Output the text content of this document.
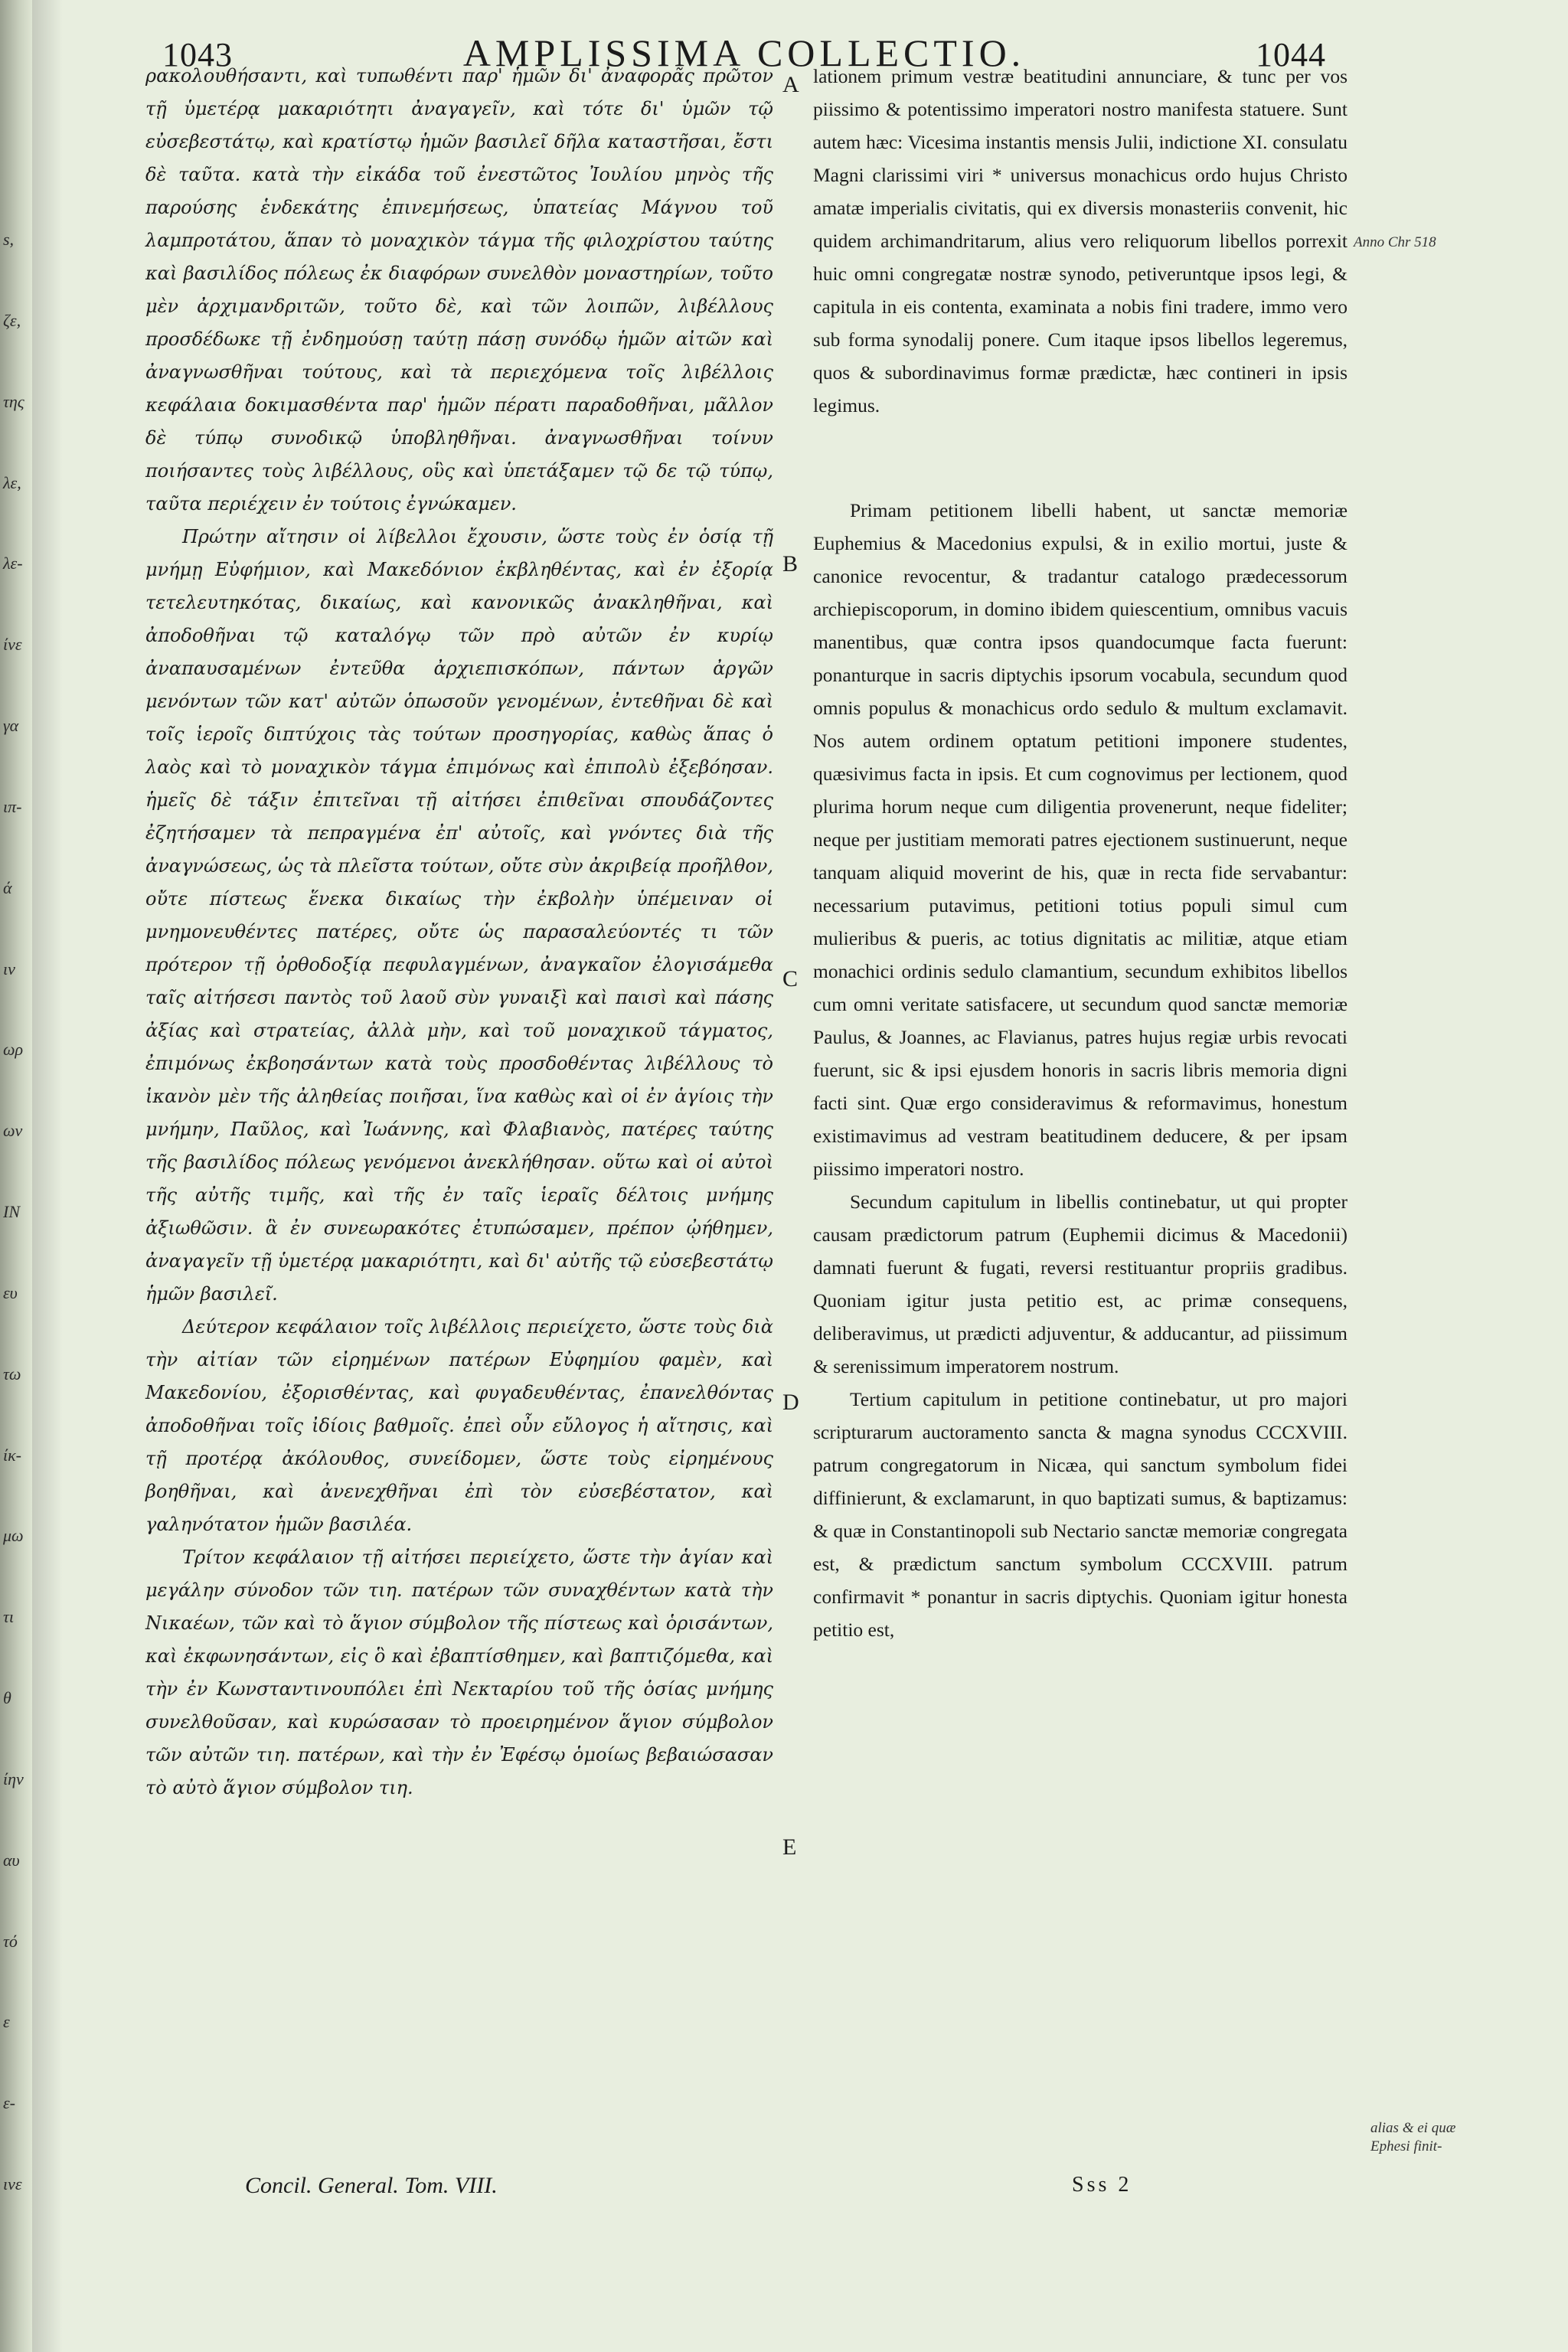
s,
ζε,
της
λε,
λε-
ίνε
γα
ιπ-
ά
ιν
ωρ
ων
IN
ευ
τω
ίκ-
μω
τι
θ
ίην
αυ
τό
ε
ε-
ινε
1043	AMPLISSIMA COLLECTIO.	1044

ρακολουθήσαντι, καὶ τυπωθέντι παρ' ἡμῶν δι' ἀναφορᾶς πρῶτον τῇ ὑμετέρᾳ μακαριότητι ἀναγαγεῖν, καὶ τότε δι' ὑμῶν τῷ εὐσεβεστάτῳ, καὶ κρατίστῳ ἡμῶν βασιλεῖ δῆλα καταστῆσαι, ἔστι δὲ ταῦτα. κατὰ τὴν εἰκάδα τοῦ ἐνεστῶτος Ἰουλίου μηνὸς τῆς παρούσης ἑνδεκάτης ἐπινεμήσεως, ὑπατείας Μάγνου τοῦ λαμπροτάτου, ἅπαν τὸ μοναχικὸν τάγμα τῆς φιλοχρίστου ταύτης καὶ βασιλίδος πόλεως ἐκ διαφόρων συνελθὸν μοναστηρίων, τοῦτο μὲν ἀρχιμανδριτῶν, τοῦτο δὲ, καὶ τῶν λοιπῶν, λιβέλλους προσδέδωκε τῇ ἐνδημούσῃ ταύτῃ πάσῃ συνόδῳ ἡμῶν αἰτῶν καὶ ἀναγνωσθῆναι τούτους, καὶ τὰ περιεχόμενα τοῖς λιβέλλοις κεφάλαια δοκιμασθέντα παρ' ἡμῶν πέρατι παραδοθῆναι, μᾶλλον δὲ τύπῳ συνοδικῷ ὑποβληθῆναι. ἀναγνωσθῆναι τοίνυν ποιήσαντες τοὺς λιβέλλους, οὓς καὶ ὑπετάξαμεν τῷ δε τῷ τύπῳ, ταῦτα περιέχειν ἐν τούτοις ἐγνώκαμεν.

Πρώτην αἴτησιν οἱ λίβελλοι ἔχουσιν, ὥστε τοὺς ἐν ὁσίᾳ τῇ μνήμῃ Εὐφήμιον, καὶ Μακεδόνιον ἐκβληθέντας, καὶ ἐν ἐξορίᾳ τετελευτηκότας, δικαίως, καὶ κανονικῶς ἀνακληθῆναι, καὶ ἀποδοθῆναι τῷ καταλόγῳ τῶν πρὸ αὐτῶν ἐν κυρίῳ ἀναπαυσαμένων ἐντεῦθα ἀρχιεπισκόπων, πάντων ἀργῶν μενόντων τῶν κατ' αὐτῶν ὁπωσοῦν γενομένων, ἐντεθῆναι δὲ καὶ τοῖς ἱεροῖς διπτύχοις τὰς τούτων προσηγορίας, καθὼς ἅπας ὁ λαὸς καὶ τὸ μοναχικὸν τάγμα ἐπιμόνως καὶ ἐπιπολὺ ἐξεβόησαν. ἡμεῖς δὲ τάξιν ἐπιτεῖναι τῇ αἰτήσει ἐπιθεῖναι σπουδάζοντες ἐζητήσαμεν τὰ πεπραγμένα ἐπ' αὐτοῖς, καὶ γνόντες διὰ τῆς ἀναγνώσεως, ὡς τὰ πλεῖστα τούτων, οὔτε σὺν ἀκριβείᾳ προῆλθον, οὔτε πίστεως ἕνεκα δικαίως τὴν ἐκβολὴν ὑπέμειναν οἱ μνημονευθέντες πατέρες, οὔτε ὡς παρασαλεύοντές τι τῶν πρότερον τῇ ὀρθοδοξίᾳ πεφυλαγμένων, ἀναγκαῖον ἐλογισάμεθα ταῖς αἰτήσεσι παντὸς τοῦ λαοῦ σὺν γυναιξὶ καὶ παισὶ καὶ πάσης ἀξίας καὶ στρατείας, ἀλλὰ μὴν, καὶ τοῦ μοναχικοῦ τάγματος, ἐπιμόνως ἐκβοησάντων κατὰ τοὺς προσδοθέντας λιβέλλους τὸ ἱκανὸν μὲν τῆς ἀληθείας ποιῆσαι, ἵνα καθὼς καὶ οἱ ἐν ἁγίοις τὴν μνήμην, Παῦλος, καὶ Ἰωάννης, καὶ Φλαβιανὸς, πατέρες ταύτης τῆς βασιλίδος πόλεως γενόμενοι ἀνεκλήθησαν. οὕτω καὶ οἱ αὐτοὶ τῆς αὐτῆς τιμῆς, καὶ τῆς ἐν ταῖς ἱεραῖς δέλτοις μνήμης ἀξιωθῶσιν. ἃ ἐν συνεωρακότες ἐτυπώσαμεν, πρέπον ᾠήθημεν, ἀναγαγεῖν τῇ ὑμετέρᾳ μακαριότητι, καὶ δι' αὐτῆς τῷ εὐσεβεστάτῳ ἡμῶν βασιλεῖ.

Δεύτερον κεφάλαιον τοῖς λιβέλλοις περιείχετο, ὥστε τοὺς διὰ τὴν αἰτίαν τῶν εἰρημένων πατέρων Εὐφημίου φαμὲν, καὶ Μακεδονίου, ἐξορισθέντας, καὶ φυγαδευθέντας, ἐπανελθόντας ἀποδοθῆναι τοῖς ἰδίοις βαθμοῖς. ἐπεὶ οὖν εὔλογος ἡ αἴτησις, καὶ τῇ προτέρᾳ ἀκόλουθος, συνείδομεν, ὥστε τοὺς εἰρημένους βοηθῆναι, καὶ ἀνενεχθῆναι ἐπὶ τὸν εὐσεβέστατον, καὶ γαληνότατον ἡμῶν βασιλέα.

Τρίτον κεφάλαιον τῇ αἰτήσει περιείχετο, ὥστε τὴν ἁγίαν καὶ μεγάλην σύνοδον τῶν τιη. πατέρων τῶν συναχθέντων κατὰ τὴν Νικαέων, τῶν καὶ τὸ ἅγιον σύμβολον τῆς πίστεως καὶ ὁρισάντων, καὶ ἐκφωνησάντων, εἰς ὃ καὶ ἐβαπτίσθημεν, καὶ βαπτιζόμεθα, καὶ τὴν ἐν Κωνσταντινουπόλει ἐπὶ Νεκταρίου τοῦ τῆς ὁσίας μνήμης συνελθοῦσαν, καὶ κυρώσασαν τὸ προειρημένον ἅγιον σύμβολον τῶν αὐτῶν τιη. πατέρων, καὶ τὴν ἐν Ἐφέσῳ ὁμοίως βεβαιώσασαν τὸ αὐτὸ ἅγιον σύμβολον τιη.

lationem primum vestræ beatitudini annunciare, & tunc per vos piissimo & potentissimo imperatori nostro manifesta statuere. Sunt autem hæc: Vicesima instantis mensis Julii, indictione XI. consulatu Magni clarissimi viri * universus monachicus ordo hujus Christo amatæ imperialis civitatis, qui ex diversis monasteriis convenit, hic quidem archimandritarum, alius vero reliquorum libellos porrexit huic omni congregatæ nostræ synodo, petiveruntque ipsos legi, & capitula in eis contenta, examinata a nobis fini tradere, immo vero sub forma synodalij ponere. Cum itaque ipsos libellos legeremus, quos & subordinavimus formæ prædictæ, hæc contineri in ipsis legimus.

Primam petitionem libelli habent, ut sanctæ memoriæ Euphemius & Macedonius expulsi, & in exilio mortui, juste & canonice revocentur, & tradantur catalogo prædecessorum archiepiscoporum, in domino ibidem quiescentium, omnibus vacuis manentibus, quæ contra ipsos quandocumque facta fuerunt: ponanturque in sacris diptychis ipsorum vocabula, secundum quod omnis populus & monachicus ordo sedulo & multum exclamavit. Nos autem ordinem optatum petitioni imponere studentes, quæsivimus facta in ipsis. Et cum cognovimus per lectionem, quod plurima horum neque cum diligentia provenerunt, neque fideliter; neque per justitiam memorati patres ejectionem sustinuerunt, neque tanquam aliquid moverint de his, quæ in recta fide servabantur: necessarium putavimus, petitioni totius populi simul cum mulieribus & pueris, ac totius dignitatis ac militiæ, atque etiam monachici ordinis sedulo clamantium, secundum exhibitos libellos cum omni veritate satisfacere, ut secundum quod sanctæ memoriæ Paulus, & Joannes, ac Flavianus, patres hujus regiæ urbis revocati fuerunt, sic & ipsi ejusdem honoris in sacris libris memoria digni facti sint. Quæ ergo consideravimus & reformavimus, honestum existimavimus ad vestram beatitudinem deducere, & per ipsam piissimo imperatori nostro.

Secundum capitulum in libellis continebatur, ut qui propter causam prædictorum patrum (Euphemii dicimus & Macedonii) damnati fuerunt & fugati, reversi restituantur propriis gradibus. Quoniam igitur justa petitio est, ac primæ consequens, deliberavimus, ut prædicti adjuventur, & adducantur, ad piissimum & serenissimum imperatorem nostrum.

Tertium capitulum in petitione continebatur, ut pro majori scripturarum auctoramento sancta & magna synodus CCCXVIII. patrum congregatorum in Nicæa, qui sanctum symbolum fidei diffinierunt, & exclamarunt, in quo baptizati sumus, & baptizamus: & quæ in Constantinopoli sub Nectario sanctæ memoriæ congregata est, & prædictum sanctum symbolum CCCXVIII. patrum confirmavit * ponantur in sacris diptychis. Quoniam igitur honesta petitio est,

A
B
C
D
E
Anno Chr 518
alias & ei quæ Ephesi finit-
Concil. General. Tom. VIII.	Sss 2
